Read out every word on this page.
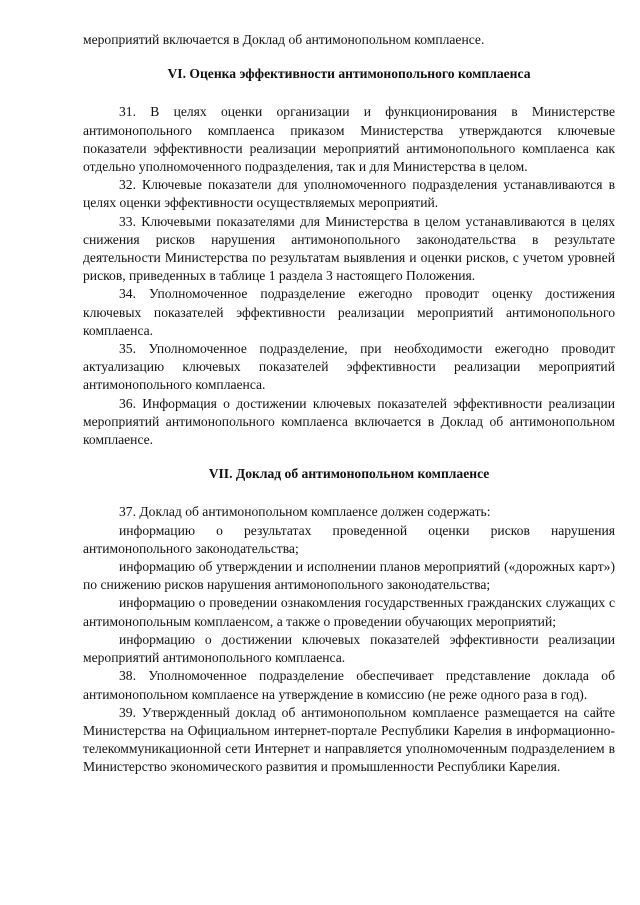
мероприятий включается в Доклад об антимонопольном комплаенсе.

VI. Оценка эффективности антимонопольного комплаенса

31. В целях оценки организации и функционирования в Министерстве антимонопольного комплаенса приказом Министерства утверждаются ключевые показатели эффективности реализации мероприятий антимонопольного комплаенса как отдельно уполномоченного подразделения, так и для Министерства в целом.

32. Ключевые показатели для уполномоченного подразделения устанавливаются в целях оценки эффективности осуществляемых мероприятий.

33. Ключевыми показателями для Министерства в целом устанавливаются в целях снижения рисков нарушения антимонопольного законодательства в результате деятельности Министерства по результатам выявления и оценки рисков, с учетом уровней рисков, приведенных в таблице 1 раздела 3 настоящего Положения.

34. Уполномоченное подразделение ежегодно проводит оценку достижения ключевых показателей эффективности реализации мероприятий антимонопольного комплаенса.

35. Уполномоченное подразделение, при необходимости ежегодно проводит актуализацию ключевых показателей эффективности реализации мероприятий антимонопольного комплаенса.

36. Информация о достижении ключевых показателей эффективности реализации мероприятий антимонопольного комплаенса включается в Доклад об антимонопольном комплаенсе.

VII. Доклад об антимонопольном комплаенсе

37. Доклад об антимонопольном комплаенсе должен содержать:

информацию о результатах проведенной оценки рисков нарушения антимонопольного законодательства;

информацию об утверждении и исполнении планов мероприятий («дорожных карт») по снижению рисков нарушения антимонопольного законодательства;

информацию о проведении ознакомления государственных гражданских служащих с антимонопольным комплаенсом, а также о проведении обучающих мероприятий;

информацию о достижении ключевых показателей эффективности реализации мероприятий антимонопольного комплаенса.

38. Уполномоченное подразделение обеспечивает представление доклада об антимонопольном комплаенсе на утверждение в комиссию (не реже одного раза в год).

39. Утвержденный доклад об антимонопольном комплаенсе размещается на сайте Министерства на Официальном интернет-портале Республики Карелия в информационно-телекоммуникационной сети Интернет и направляется уполномоченным подразделением в Министерство экономического развития и промышленности Республики Карелия.
